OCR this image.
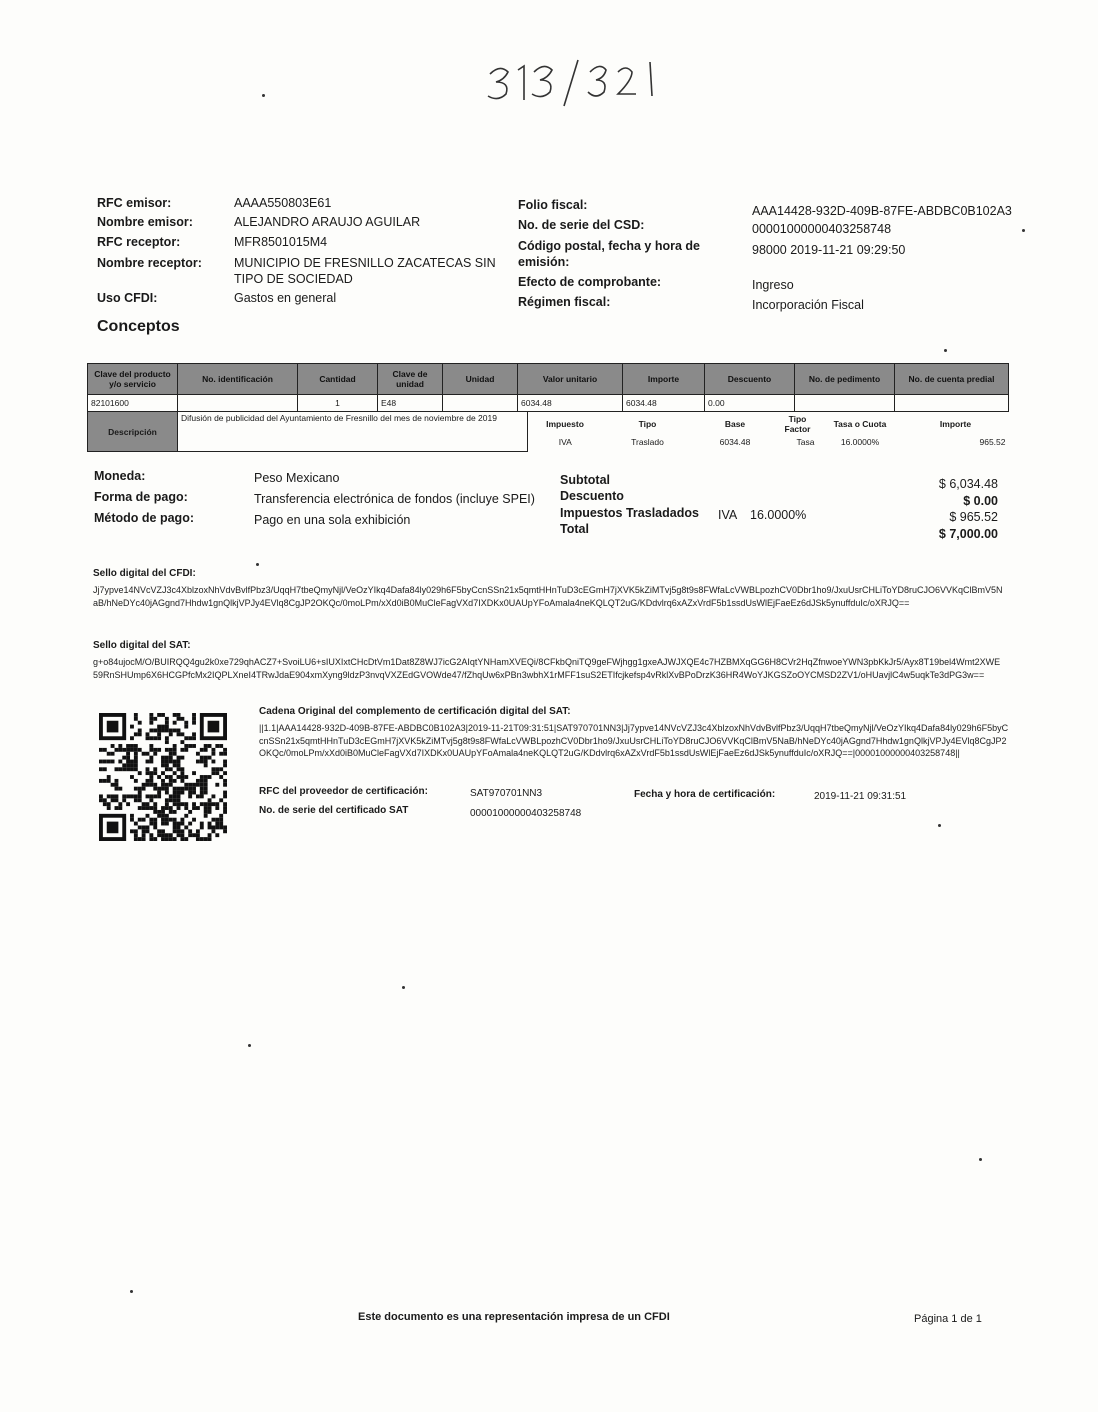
RFC emisor:	AAAA550803E61
Nombre emisor:	ALEJANDRO ARAUJO AGUILAR
RFC receptor:	MFR8501015M4
Nombre receptor:	MUNICIPIO DE FRESNILLO ZACATECAS SIN
TIPO DE SOCIEDAD
Uso CFDI:	Gastos en general
Folio fiscal:	AAA14428-932D-409B-87FE-ABDBC0B102A3
No. de serie del CSD:	00001000000403258748
Código postal, fecha y hora de
emisión:
98000 2019-11-21 09:29:50
Efecto de comprobante:	Ingreso
Régimen fiscal:	Incorporación Fiscal
Conceptos
Clave del producto y/o servicio	No. identificación	Cantidad	Clave de unidad	Unidad	Valor unitario	Importe	Descuento	No. de pedimento	No. de cuenta predial
82101600		1	E48		6034.48	6034.48	0.00		
Descripción	Difusión de publicidad del Ayuntamiento de Fresnillo del mes de noviembre de 2019	Impuesto	Tipo	Base	Tipo Factor	Tasa o Cuota	Importe
		IVA	Traslado	6034.48	Tasa	16.0000%	965.52
Moneda:	Peso Mexicano
Forma de pago:	Transferencia electrónica de fondos (incluye SPEI)
Método de pago:	Pago en una sola exhibición
Subtotal	$ 6,034.48
Descuento	$ 0.00
Impuestos Trasladados IVA 16.0000%	$ 965.52
Total	$ 7,000.00
Sello digital del CFDI:
Jj7ypve14NVcVZJ3c4XblzoxNhVdvBvlfPbz3/UqqH7tbeQmyNjl/VeOzYIkq4Dafa84ly029h6F5byCcnSSn21x5qmtHHnTuD3cEGmH7jXVK5kZiMTvj5g8t9s8FWfaLcVWBLpozhCV0Dbr1ho9/JxuUsrCHLiToYD8ruCJO6VVKqClBmV5NaB/hNeDYc40jAGgnd7Hhdw1gnQlkjVPJy4EVlq8CgJP2OKQc/0moLPm/xXd0iB0MuCleFagVXd7IXDKx0UAUpYFoAmala4neKQLQT2uG/KDdvlrq6xAZxVrdF5b1ssdUsWlEjFaeEz6dJSk5ynuffduIc/oXRJQ==
Sello digital del SAT:
g+o84ujocM/O/BUIRQQ4gu2k0xe729qhACZ7+SvoiLU6+sIUXIxtCHcDtVm1Dat8Z8WJ7icG2AIqtYNHamXVEQi/8CFkbQniTQ9geFWjhgg1gxeAJWJXQE4c7HZBMXqGG6H8CVr2HqZfnwoeYWN3pbKkJr5/Ayx8T19bel4Wmt2XWE59RnSHUmp6X6HCGPfcMx2IQPLXneI4TRwJdaE904xmXyng9ldzP3nvqVXZEdGVOWde47/fZhqUw6xPBn3wbhX1rMFF1suS2ETIfcjkefsp4vRklXvBPoDrzK36HR4WoYJKGSZoOYCMSD2ZV1/oHUavjlC4w5uqkTe3dPG3w==
Cadena Original del complemento de certificación digital del SAT:
||1.1|AAA14428-932D-409B-87FE-ABDBC0B102A3|2019-11-21T09:31:51|SAT970701NN3|Jj7ypve14NVcVZJ3c4XblzoxNhVdvBvlfPbz3/UqqH7tbeQmyNjl/VeOzYIkq4Dafa84ly029h6F5byCcnSSn21x5qmtHHnTuD3cEGmH7jXVK5kZiMTvj5g8t9s8FWfaLcVWBLpozhCV0Dbr1ho9/JxuUsrCHLiToYD8ruCJO6VVKqClBmV5NaB/hNeDYc40jAGgnd7Hhdw1gnQlkjVPJy4EVlq8CgJP2OKQc/0moLPm/xXd0iB0MuCleFagVXd7IXDKx0UAUpYFoAmala4neKQLQT2uG/KDdvlrq6xAZxVrdF5b1ssdUsWlEjFaeEz6dJSk5ynuffduIc/oXRJQ==|00001000000403258748||
RFC del proveedor de certificación:	SAT970701NN3	Fecha y hora de certificación:	2019-11-21 09:31:51
No. de serie del certificado SAT	00001000000403258748
Este documento es una representación impresa de un CFDI	Página 1 de 1
